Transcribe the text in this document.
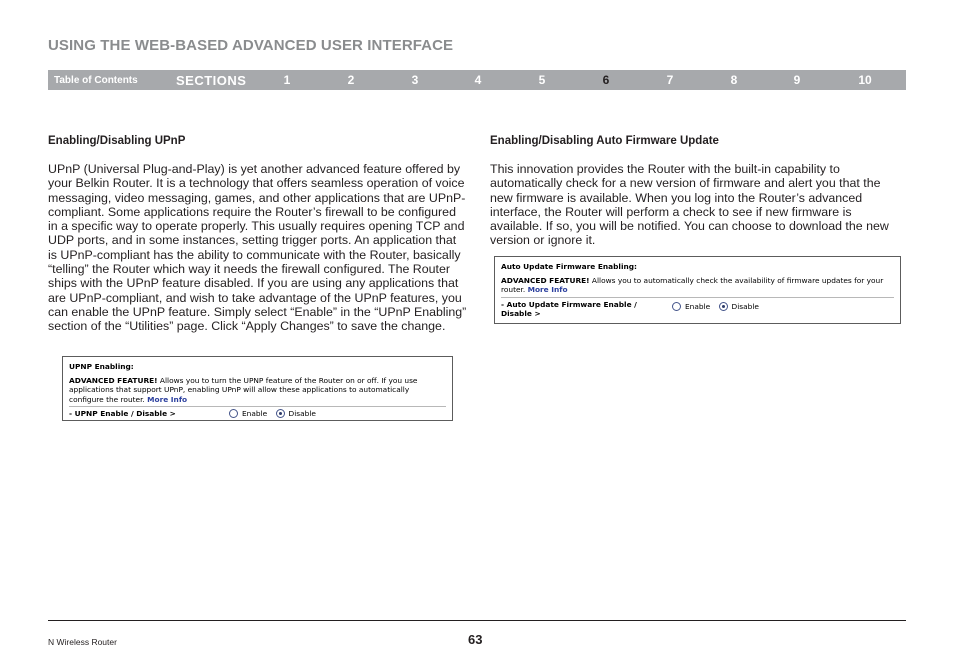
USING THE WEB-BASED ADVANCED USER INTERFACE
Table of Contents	SECTIONS	1	2	3	4	5	6	7	8	9	10
Enabling/Disabling UPnP

UPnP (Universal Plug-and-Play) is yet another advanced feature offered by your Belkin Router. It is a technology that offers seamless operation of voice messaging, video messaging, games, and other applications that are UPnP-compliant. Some applications require the Router’s firewall to be configured in a specific way to operate properly. This usually requires opening TCP and UDP ports, and in some instances, setting trigger ports. An application that is UPnP-compliant has the ability to communicate with the Router, basically “telling” the Router which way it needs the firewall configured. The Router ships with the UPnP feature disabled. If you are using any applications that are UPnP-compliant, and wish to take advantage of the UPnP features, you can enable the UPnP feature. Simply select “Enable” in the “UPnP Enabling” section of the “Utilities” page. Click “Apply Changes” to save the change.

Enabling/Disabling Auto Firmware Update

This innovation provides the Router with the built-in capability to automatically check for a new version of firmware and alert you that the new firmware is available. When you log into the Router’s advanced interface, the Router will perform a check to see if new firmware is available. If so, you will be notified. You can choose to download the new version or ignore it.

UPNP Enabling:
ADVANCED FEATURE! Allows you to turn the UPNP feature of the Router on or off. If you use applications that support UPnP, enabling UPnP will allow these applications to automatically configure the router. More Info
- UPNP Enable / Disable >	Enable	Disable
Auto Update Firmware Enabling:
ADVANCED FEATURE! Allows you to automatically check the availability of firmware updates for your router. More Info
- Auto Update Firmware Enable /
Disable >
Enable	Disable
N Wireless Router	63
